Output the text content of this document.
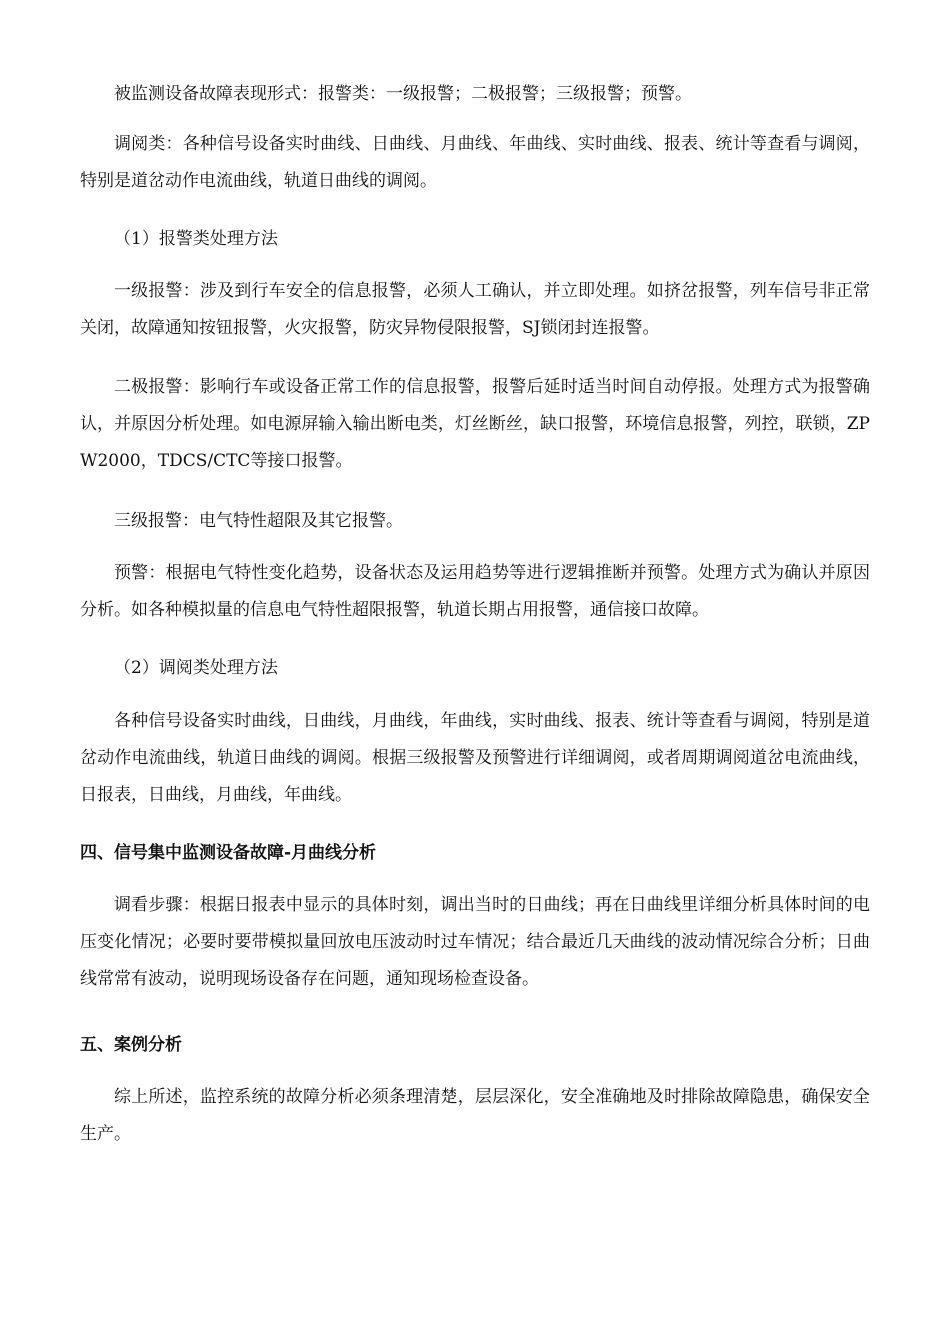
被监测设备故障表现形式：报警类：一级报警；二极报警；三级报警；预警。

调阅类：各种信号设备实时曲线、日曲线、月曲线、年曲线、实时曲线、报表、统计等查看与调阅，特别是道岔动作电流曲线，轨道日曲线的调阅。

（1）报警类处理方法

一级报警：涉及到行车安全的信息报警，必须人工确认，并立即处理。如挤岔报警，列车信号非正常关闭，故障通知按钮报警，火灾报警，防灾异物侵限报警，SJ锁闭封连报警。

二极报警：影响行车或设备正常工作的信息报警，报警后延时适当时间自动停报。处理方式为报警确认，并原因分析处理。如电源屏输入输出断电类，灯丝断丝，缺口报警，环境信息报警，列控，联锁，ZPW2000，TDCS/CTC等接口报警。

三级报警：电气特性超限及其它报警。

预警：根据电气特性变化趋势，设备状态及运用趋势等进行逻辑推断并预警。处理方式为确认并原因分析。如各种模拟量的信息电气特性超限报警，轨道长期占用报警，通信接口故障。

（2）调阅类处理方法

各种信号设备实时曲线，日曲线，月曲线，年曲线，实时曲线、报表、统计等查看与调阅，特别是道岔动作电流曲线，轨道日曲线的调阅。根据三级报警及预警进行详细调阅，或者周期调阅道岔电流曲线，日报表，日曲线，月曲线，年曲线。

四、信号集中监测设备故障-月曲线分析

调看步骤：根据日报表中显示的具体时刻，调出当时的日曲线；再在日曲线里详细分析具体时间的电压变化情况；必要时要带模拟量回放电压波动时过车情况；结合最近几天曲线的波动情况综合分析；日曲线常常有波动，说明现场设备存在问题，通知现场检查设备。

五、案例分析

综上所述，监控系统的故障分析必须条理清楚，层层深化，安全准确地及时排除故障隐患，确保安全生产。
